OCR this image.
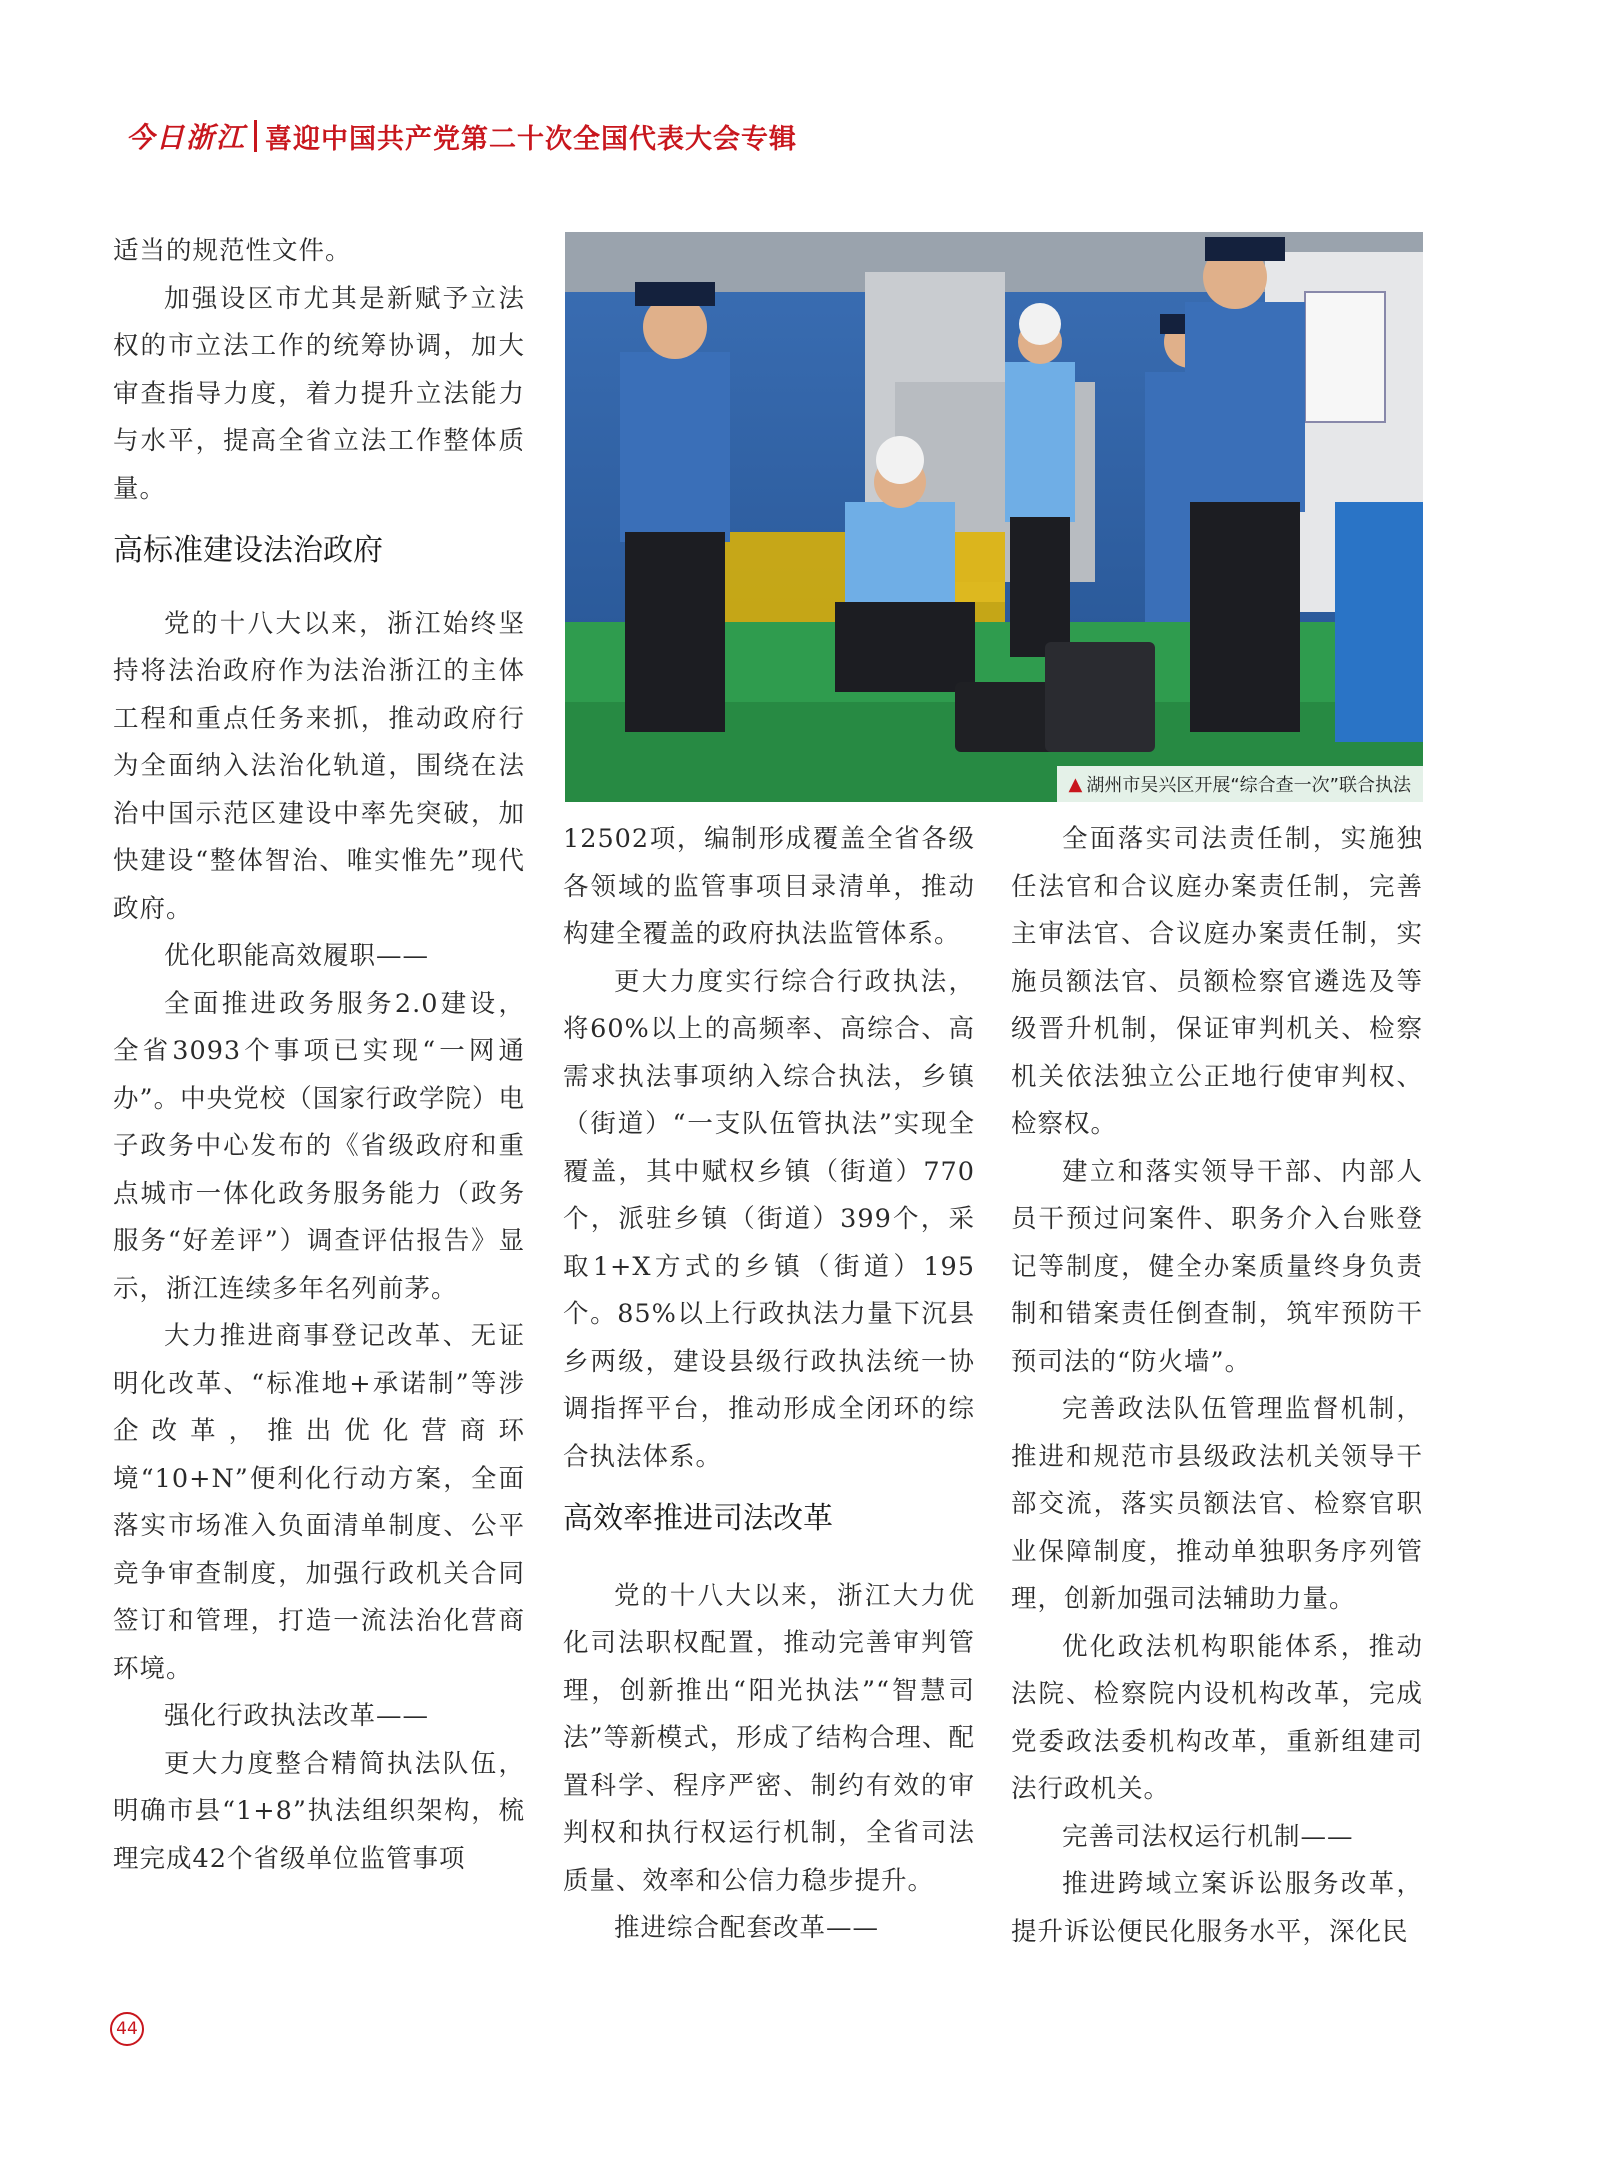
今日浙江 喜迎中国共产党第二十次全国代表大会专辑

适当的规范性文件。

加强设区市尤其是新赋予立法权的市立法工作的统筹协调，加大审查指导力度，着力提升立法能力与水平，提高全省立法工作整体质量。

高标准建设法治政府

党的十八大以来，浙江始终坚持将法治政府作为法治浙江的主体工程和重点任务来抓，推动政府行为全面纳入法治化轨道，围绕在法治中国示范区建设中率先突破，加快建设“整体智治、唯实惟先”现代政府。

优化职能高效履职——

全面推进政务服务2.0建设，全省3093个事项已实现“一网通办”。中央党校（国家行政学院）电子政务中心发布的《省级政府和重点城市一体化政务服务能力（政务服务“好差评”）调查评估报告》显示，浙江连续多年名列前茅。

大力推进商事登记改革、无证明化改革、“标准地+承诺制”等涉企改革，推出优化营商环境“10+N”便利化行动方案，全面落实市场准入负面清单制度、公平竞争审查制度，加强行政机关合同签订和管理，打造一流法治化营商环境。

强化行政执法改革——

更大力度整合精简执法队伍，明确市县“1+8”执法组织架构，梳理完成42个省级单位监管事项

▲ 湖州市吴兴区开展“综合查一次”联合执法

12502项，编制形成覆盖全省各级各领域的监管事项目录清单，推动构建全覆盖的政府执法监管体系。

更大力度实行综合行政执法，将60%以上的高频率、高综合、高需求执法事项纳入综合执法，乡镇（街道）“一支队伍管执法”实现全覆盖，其中赋权乡镇（街道）770个，派驻乡镇（街道）399个，采取1+X方式的乡镇（街道）195个。85%以上行政执法力量下沉县乡两级，建设县级行政执法统一协调指挥平台，推动形成全闭环的综合执法体系。

高效率推进司法改革

党的十八大以来，浙江大力优化司法职权配置，推动完善审判管理，创新推出“阳光执法”“智慧司法”等新模式，形成了结构合理、配置科学、程序严密、制约有效的审判权和执行权运行机制，全省司法质量、效率和公信力稳步提升。

推进综合配套改革——

全面落实司法责任制，实施独任法官和合议庭办案责任制，完善主审法官、合议庭办案责任制，实施员额法官、员额检察官遴选及等级晋升机制，保证审判机关、检察机关依法独立公正地行使审判权、检察权。

建立和落实领导干部、内部人员干预过问案件、职务介入台账登记等制度，健全办案质量终身负责制和错案责任倒查制，筑牢预防干预司法的“防火墙”。

完善政法队伍管理监督机制，推进和规范市县级政法机关领导干部交流，落实员额法官、检察官职业保障制度，推动单独职务序列管理，创新加强司法辅助力量。

优化政法机构职能体系，推动法院、检察院内设机构改革，完成党委政法委机构改革，重新组建司法行政机关。

完善司法权运行机制——

推进跨域立案诉讼服务改革，提升诉讼便民化服务水平，深化民

44
